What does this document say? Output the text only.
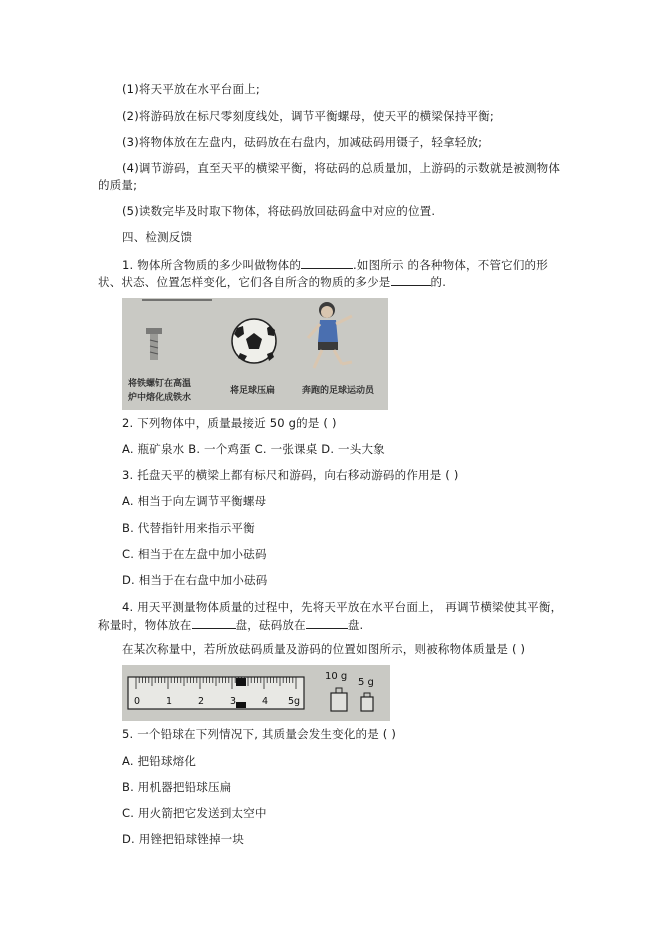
(1)将天平放在水平台面上;
(2)将游码放在标尺零刻度线处，调节平衡螺母，使天平的横梁保持平衡;
(3)将物体放在左盘内，砝码放在右盘内，加减砝码用镊子，轻拿轻放;
(4)调节游码，直至天平的横梁平衡，将砝码的总质量加，上游码的示数就是被测物体
的质量;
(5)读数完毕及时取下物体，将砝码放回砝码盒中对应的位置.
四、检测反馈
1. 物体所含物质的多少叫做物体的	.如图所示 的各种物体，不管它们的形
状、状态、位置怎样变化，它们各自所含的物质的多少是	的.
将铁螺钉在高温
炉中熔化成铁水
将足球压扁	奔跑的足球运动员
2. 下列物体中，质量最接近 50 g的是 ( )
A. 瓶矿泉水 B. 一个鸡蛋 C. 一张课桌 D. 一头大象
3. 托盘天平的横梁上都有标尺和游码，向右移动游码的作用是 ( )
A. 相当于向左调节平衡螺母
B. 代替指针用来指示平衡
C. 相当于在左盘中加小砝码
D. 相当于在右盘中加小砝码
4. 用天平测量物体质量的过程中，先将天平放在水平台面上， 再调节横梁使其平衡，
称量时，物体放在	盘，砝码放在	盘.
在某次称量中，若所放砝码质量及游码的位置如图所示，则被称物体质量是 ( )
0	1	2	3	4 5g
10 g
5 g
5. 一个铅球在下列情况下, 其质量会发生变化的是 ( )
A. 把铅球熔化
B. 用机器把铅球压扁
C. 用火箭把它发送到太空中
D. 用锉把铅球锉掉一块
